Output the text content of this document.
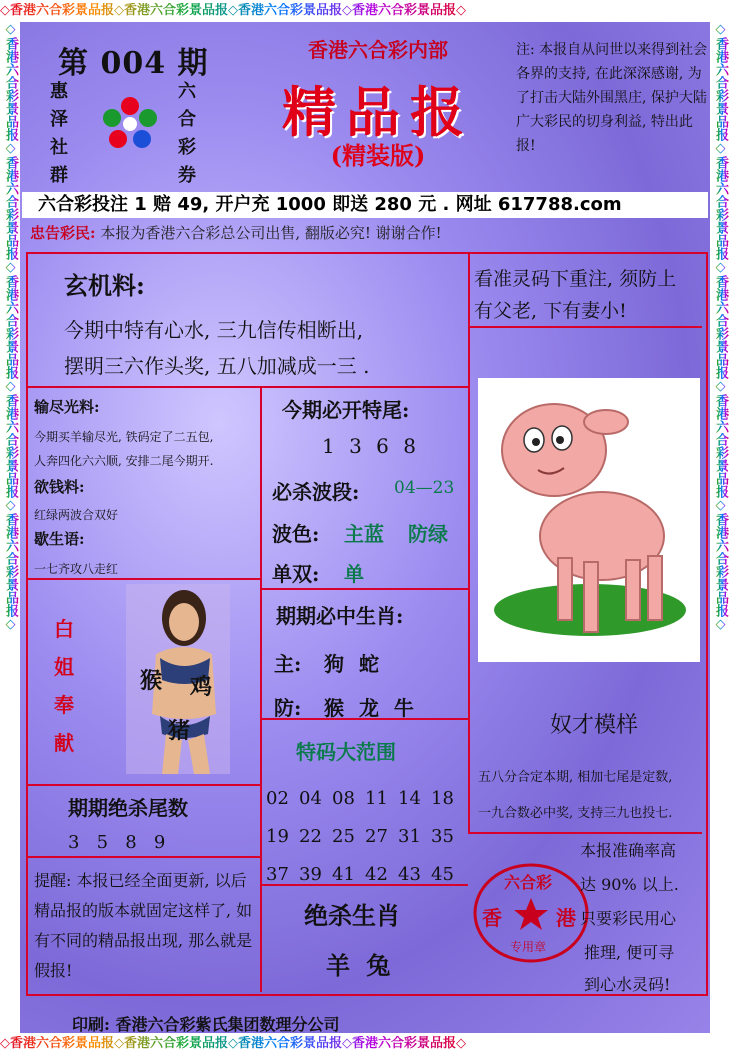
◇香港六合彩景品报◇香港六合彩景品报◇香港六合彩景品报◇香港六合彩景品报◇
◇香港六合彩景品报◇香港六合彩景品报◇香港六合彩景品报◇香港六合彩景品报◇
◇香港六合彩景品报◇香港六合彩景品报◇香港六合彩景品报◇香港六合彩景品报◇香港六合彩景品报◇	◇香港六合彩景品报◇香港六合彩景品报◇香港六合彩景品报◇香港六合彩景品报◇香港六合彩景品报◇
第 004 期
惠泽社群
六合彩券
香港六合彩内部
精品报
(精装版)
注: 本报自从问世以来得到社会各界的支持, 在此深深感谢, 为了打击大陆外围黑庄, 保护大陆广大彩民的切身利益, 特出此报!
六合彩投注 1 赔 49, 开户充 1000 即送 280 元 . 网址 617788.com
忠告彩民: 本报为香港六合彩总公司出售, 翻版必究! 谢谢合作!
玄机料:
今期中特有心水, 三九信传相断出,
摆明三六作头奖, 五八加减成一三 .
看准灵码下重注, 须防上
有父老, 下有妻小!
输尽光料:
今期买羊输尽光, 铁码定了二五包,
人奔四化六六顺, 安排二尾今期开.
欲钱料:
红绿两波合双好
歇生语:
一七齐攻八走红
今期必开特尾:
1 3 6 8
必杀波段: 04—23
波色: 主蓝 防绿
单双: 单
期期必中生肖:
主: 狗 蛇
防: 猴 龙 牛
特码大范围
02 04 08 11 14 18
19 22 25 27 31 35
37 39 41 42 43 45
绝杀生肖
羊 兔
白姐奉献
猴 鸡
猪
期期绝杀尾数
3   5   8   9
提醒: 本报已经全面更新, 以后精品报的版本就固定这样了, 如有不同的精品报出现, 那么就是假报!
奴才模样
五八分合定本期, 相加七尾是定数,
一九合数必中奖, 支持三九也投七.
六合彩
香	港
专用章
本报准确率高
达 90% 以上.
只要彩民用心
推理, 便可寻
到心水灵码!
印刷: 香港六合彩紫氏集团数理分公司
